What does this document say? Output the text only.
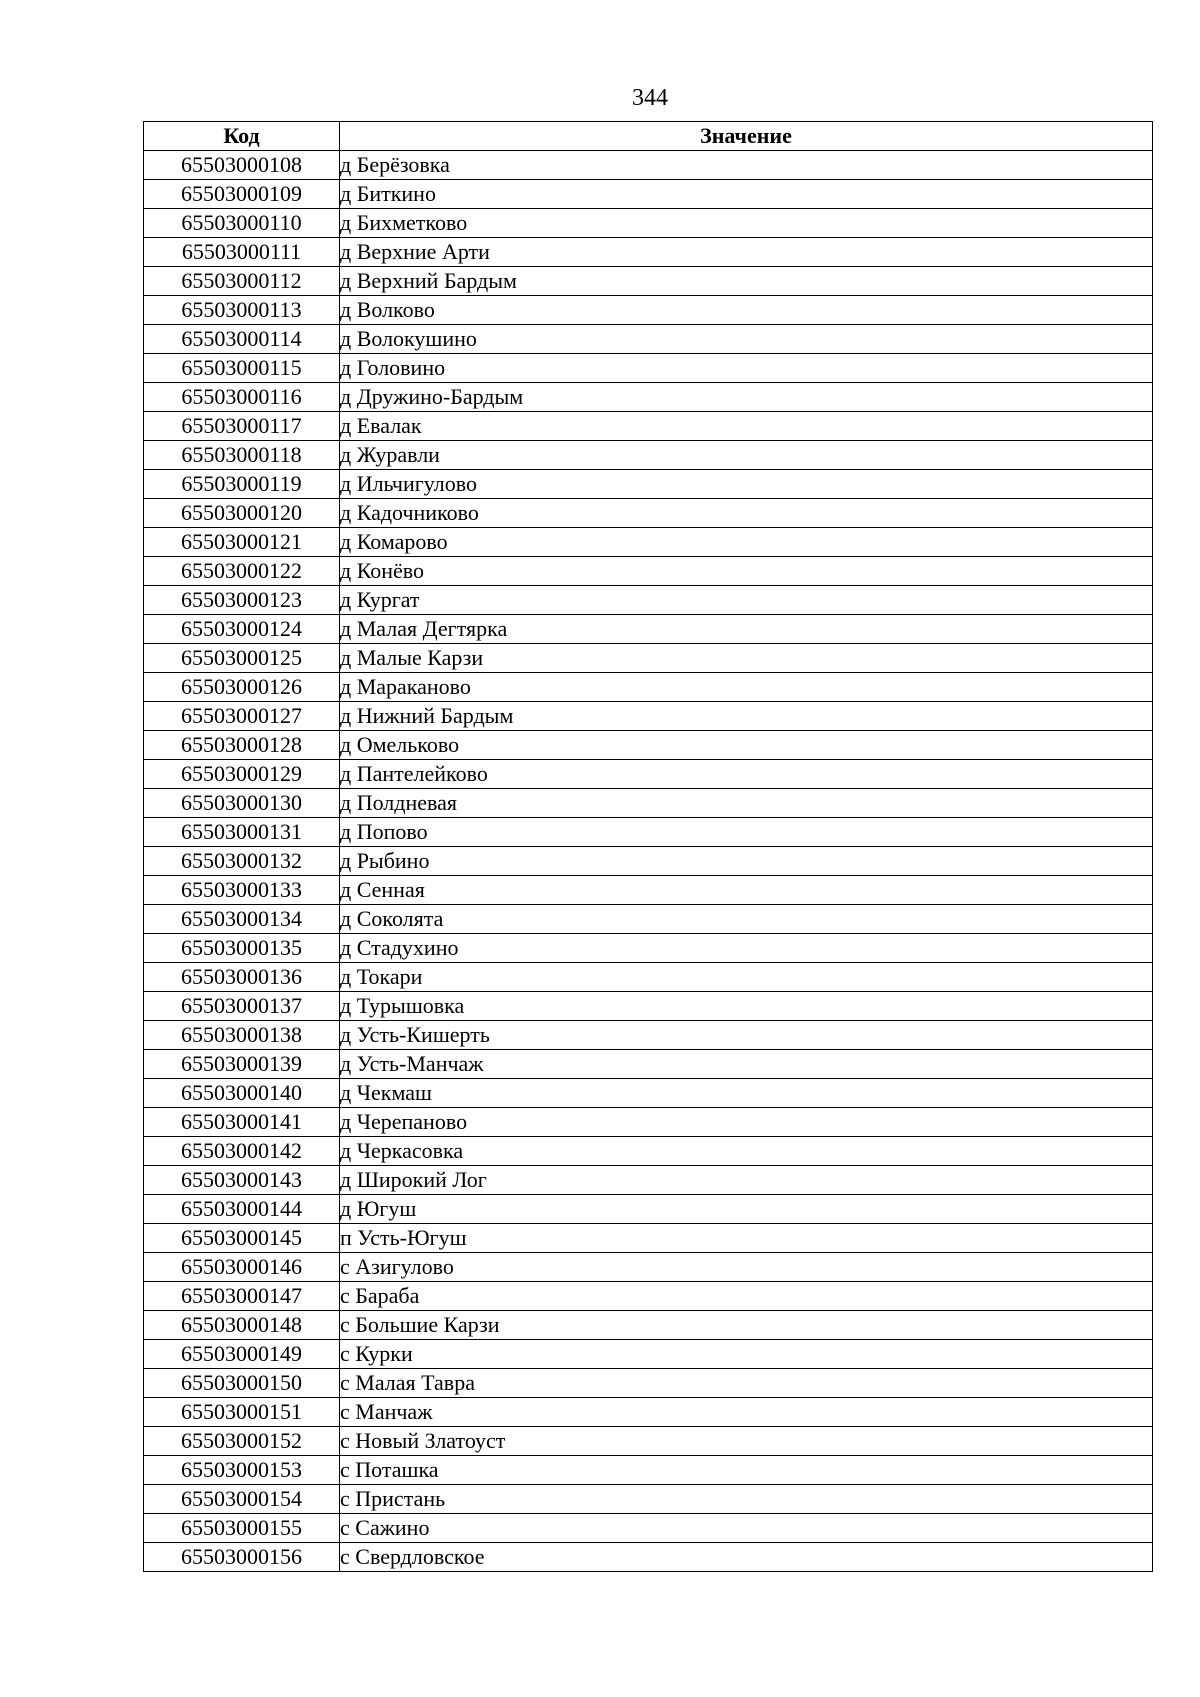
344
Код	Значение
65503000108	д Берёзовка
65503000109	д Биткино
65503000110	д Бихметково
65503000111	д Верхние Арти
65503000112	д Верхний Бардым
65503000113	д Волково
65503000114	д Волокушино
65503000115	д Головино
65503000116	д Дружино-Бардым
65503000117	д Евалак
65503000118	д Журавли
65503000119	д Ильчигулово
65503000120	д Кадочниково
65503000121	д Комарово
65503000122	д Конёво
65503000123	д Кургат
65503000124	д Малая Дегтярка
65503000125	д Малые Карзи
65503000126	д Мараканово
65503000127	д Нижний Бардым
65503000128	д Омельково
65503000129	д Пантелейково
65503000130	д Полдневая
65503000131	д Попово
65503000132	д Рыбино
65503000133	д Сенная
65503000134	д Соколята
65503000135	д Стадухино
65503000136	д Токари
65503000137	д Турышовка
65503000138	д Усть-Кишерть
65503000139	д Усть-Манчаж
65503000140	д Чекмаш
65503000141	д Черепаново
65503000142	д Черкасовка
65503000143	д Широкий Лог
65503000144	д Югуш
65503000145	п Усть-Югуш
65503000146	с Азигулово
65503000147	с Бараба
65503000148	с Большие Карзи
65503000149	с Курки
65503000150	с Малая Тавра
65503000151	с Манчаж
65503000152	с Новый Златоуст
65503000153	с Поташка
65503000154	с Пристань
65503000155	с Сажино
65503000156	с Свердловское
